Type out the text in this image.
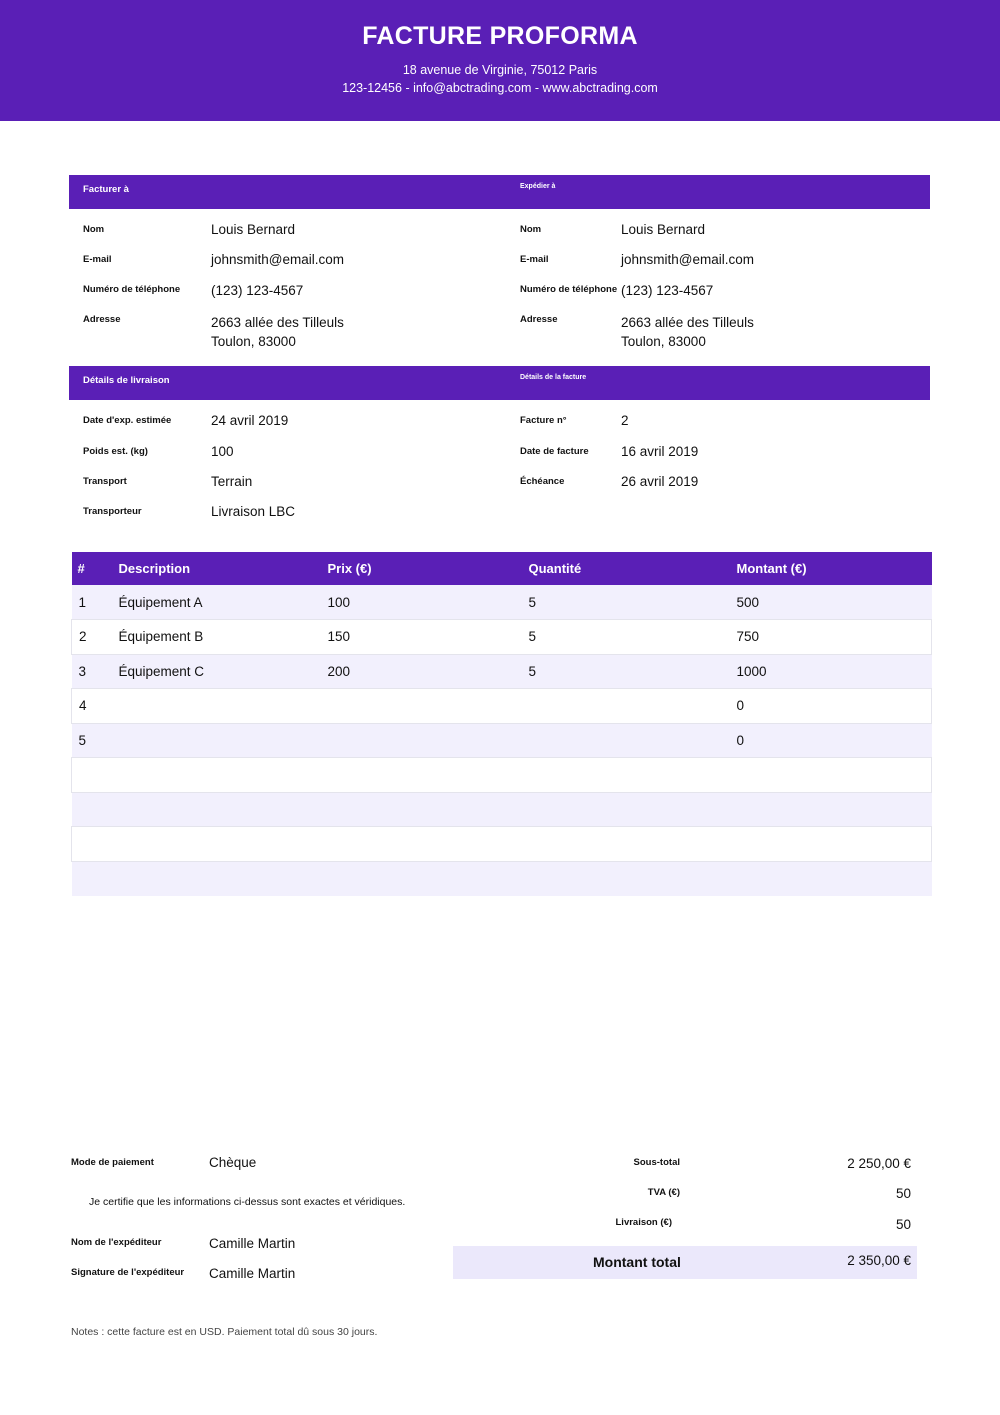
FACTURE PROFORMA
18 avenue de Virginie, 75012 Paris
123-12456 - info@abctrading.com - www.abctrading.com
Facturer à	Expédier à
Nom	Louis Bernard
E-mail	johnsmith@email.com
Numéro de téléphone (123) 123-4567
Adresse	2663 allée des Tilleuls
Toulon, 83000
Nom	Louis Bernard
E-mail	johnsmith@email.com
Numéro de téléphone (123) 123-4567
Adresse	2663 allée des Tilleuls
Toulon, 83000
Détails de livraison	Détails de la facture
Date d'exp. estimée	24 avril 2019
Poids est. (kg)	100
Transport	Terrain
Transporteur	Livraison LBC
Facture n°	2
Date de facture 16 avril 2019
Échéance	26 avril 2019
#	Description	Prix (€)	Quantité	Montant (€)
1	Équipement A	100	5	500
2	Équipement B	150	5	750
3	Équipement C	200	5	1000
4				0
5				0

Mode de paiement	Chèque
Je certifie que les informations ci-dessus sont exactes et véridiques.
Nom de l'expéditeur	Camille Martin
Signature de l'expéditeur Camille Martin
Sous-total	2 250,00 €
TVA (€)	50
Livraison (€)	50
Montant total	2 350,00 €
Notes : cette facture est en USD. Paiement total dû sous 30 jours.
